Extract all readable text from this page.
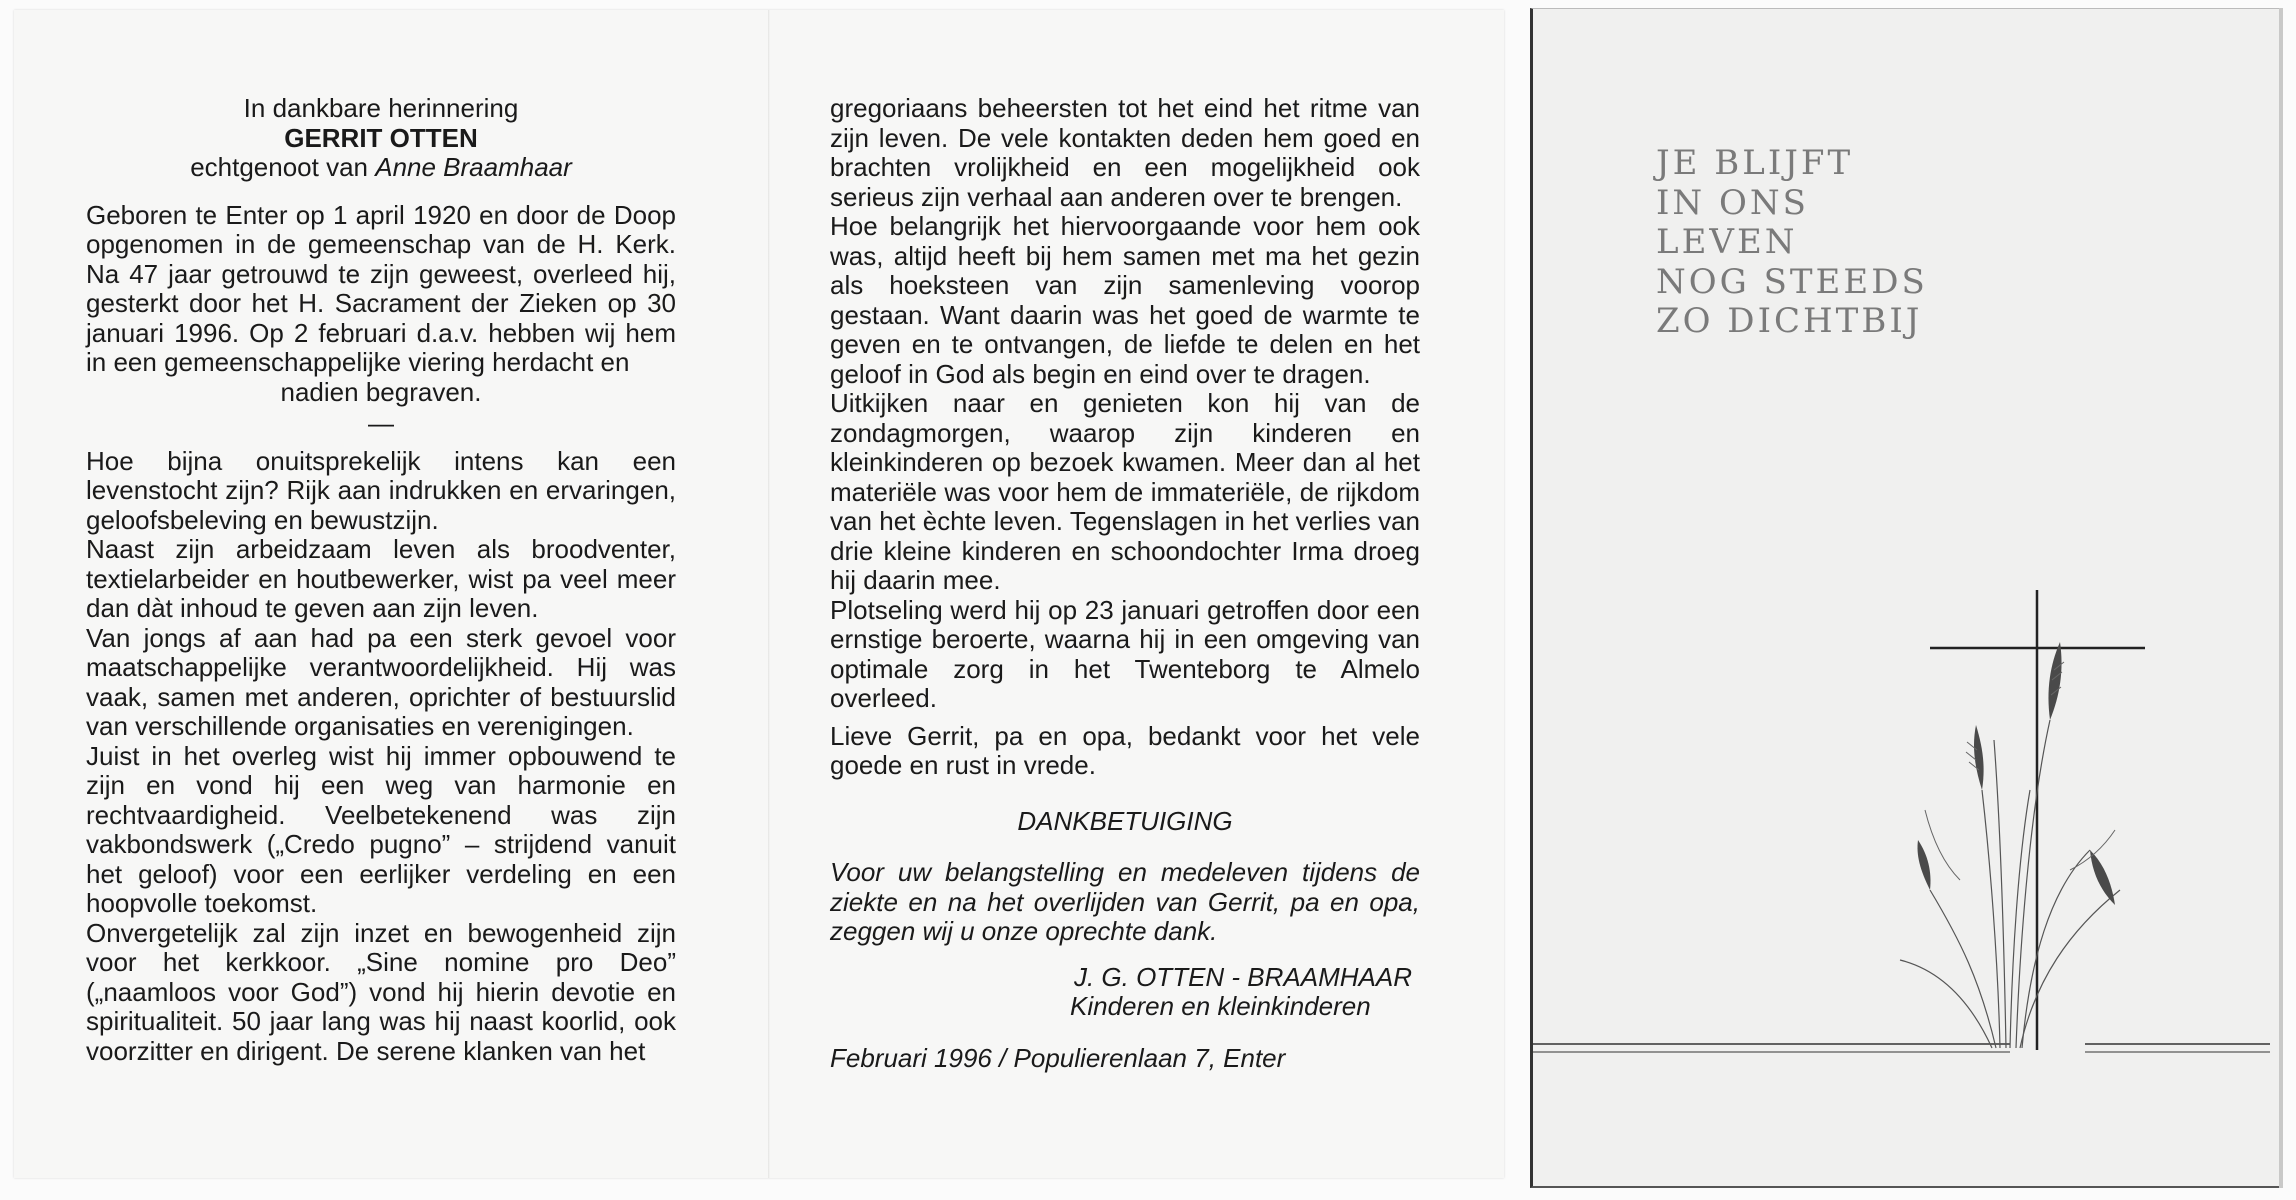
In dankbare herinnering

GERRIT OTTEN

echtgenoot van Anne Braamhaar

Geboren te Enter op 1 april 1920 en door de Doop opgenomen in de gemeenschap van de H. Kerk. Na 47 jaar getrouwd te zijn geweest, overleed hij, gesterkt door het H. Sacrament der Zieken op 30 januari 1996. Op 2 februari d.a.v. hebben wij hem in een gemeenschappelijke viering herdacht en

nadien begraven.

—

Hoe bijna onuitsprekelijk intens kan een levenstocht zijn? Rijk aan indrukken en ervaringen, geloofsbeleving en bewustzijn.

Naast zijn arbeidzaam leven als broodventer, textielarbeider en houtbewerker, wist pa veel meer dan dàt inhoud te geven aan zijn leven.

Van jongs af aan had pa een sterk gevoel voor maatschappelijke verantwoordelijkheid. Hij was vaak, samen met anderen, oprichter of bestuurslid van verschillende organisaties en verenigingen.

Juist in het overleg wist hij immer opbouwend te zijn en vond hij een weg van harmonie en rechtvaardigheid. Veelbetekenend was zijn vakbondswerk („Credo pugno” – strijdend vanuit het geloof) voor een eerlijker verdeling en een hoopvolle toekomst.

Onvergetelijk zal zijn inzet en bewogenheid zijn voor het kerkkoor. „Sine nomine pro Deo” („naamloos voor God”) vond hij hierin devotie en spiritualiteit. 50 jaar lang was hij naast koorlid, ook voorzitter en dirigent. De serene klanken van het

gregoriaans beheersten tot het eind het ritme van zijn leven. De vele kontakten deden hem goed en brachten vrolijkheid en een mogelijkheid ook serieus zijn verhaal aan anderen over te brengen.

Hoe belangrijk het hiervoorgaande voor hem ook was, altijd heeft bij hem samen met ma het gezin als hoeksteen van zijn samenleving voorop gestaan. Want daarin was het goed de warmte te geven en te ontvangen, de liefde te delen en het geloof in God als begin en eind over te dragen.

Uitkijken naar en genieten kon hij van de zondagmorgen, waarop zijn kinderen en kleinkinderen op bezoek kwamen. Meer dan al het materiële was voor hem de immateriële, de rijkdom van het èchte leven. Tegenslagen in het verlies van drie kleine kinderen en schoondochter Irma droeg hij daarin mee.

Plotseling werd hij op 23 januari getroffen door een ernstige beroerte, waarna hij in een omgeving van optimale zorg in het Twenteborg te Almelo overleed.

Lieve Gerrit, pa en opa, bedankt voor het vele goede en rust in vrede.

DANKBETUIGING

Voor uw belangstelling en medeleven tijdens de ziekte en na het overlijden van Gerrit, pa en opa, zeggen wij u onze oprechte dank.

J. G. OTTEN - BRAAMHAAR

Kinderen en kleinkinderen

Februari 1996 / Populierenlaan 7, Enter

JE BLIJFT
IN ONS
LEVEN
NOG STEEDS
ZO DICHTBIJ
